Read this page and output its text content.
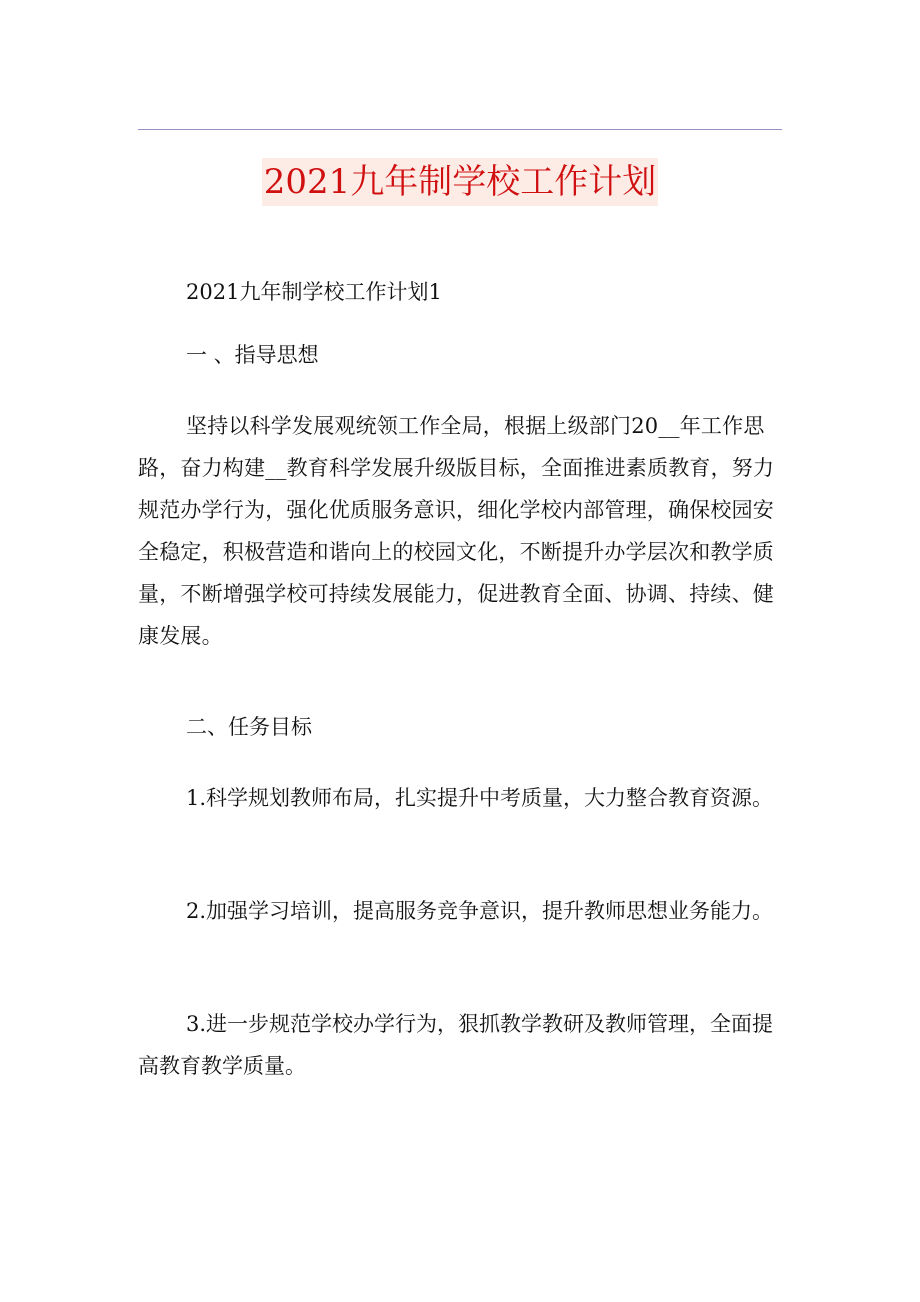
2021九年制学校工作计划
2021九年制学校工作计划1
一 、指导思想
坚持以科学发展观统领工作全局，根据上级部门20__年工作思路，奋力构建__教育科学发展升级版目标，全面推进素质教育，努力规范办学行为，强化优质服务意识，细化学校内部管理，确保校园安全稳定，积极营造和谐向上的校园文化，不断提升办学层次和教学质量，不断增强学校可持续发展能力，促进教育全面、协调、持续、健康发展。
二、任务目标
1.科学规划教师布局，扎实提升中考质量，大力整合教育资源。
2.加强学习培训，提高服务竞争意识，提升教师思想业务能力。
3.进一步规范学校办学行为，狠抓教学教研及教师管理，全面提高教育教学质量。
